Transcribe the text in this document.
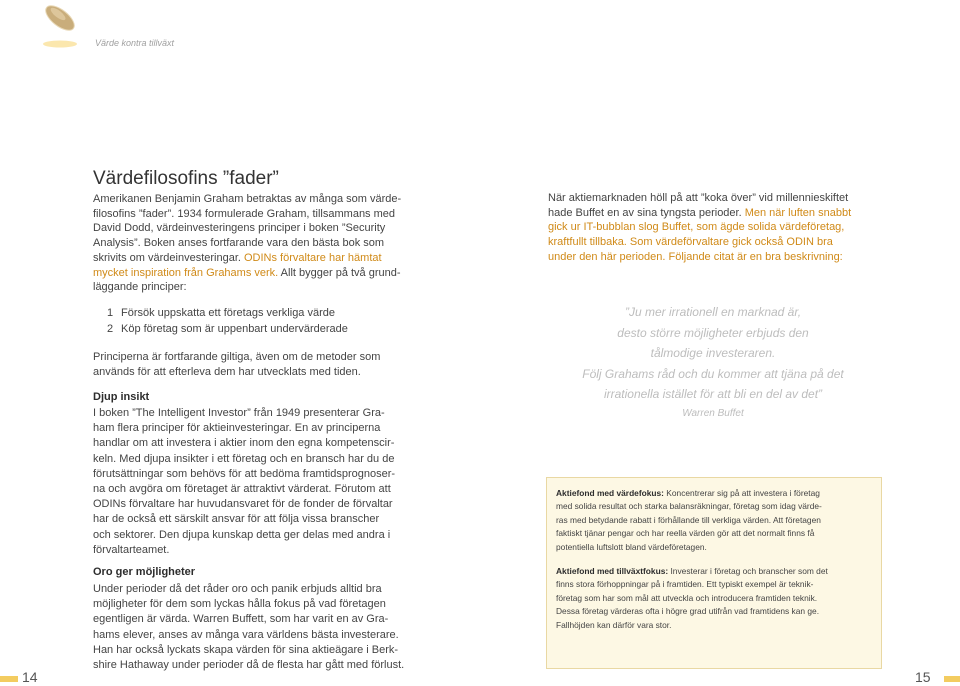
Värde kontra tillväxt
Värdefilosofins ”fader”
Amerikanen Benjamin Graham betraktas av många som värde-
filosofins ”fader”. 1934 formulerade Graham, tillsammans med
David Dodd, värdeinvesteringens principer i boken ”Security
Analysis”. Boken anses fortfarande vara den bästa bok som
skrivits om värdeinvesteringar. ODINs förvaltare har hämtat
mycket inspiration från Grahams verk. Allt bygger på två grund-
läggande principer:
1 Försök uppskatta ett företags verkliga värde
2 Köp företag som är uppenbart undervärderade
Principerna är fortfarande giltiga, även om de metoder som
används för att efterleva dem har utvecklats med tiden.
Djup insikt
I boken ”The Intelligent Investor” från 1949 presenterar Gra-
ham flera principer för aktieinvesteringar. En av principerna
handlar om att investera i aktier inom den egna kompetenscir-
keln. Med djupa insikter i ett företag och en bransch har du de
förutsättningar som behövs för att bedöma framtidsprognoser-
na och avgöra om företaget är attraktivt värderat. Förutom att
ODINs förvaltare har huvudansvaret för de fonder de förvaltar
har de också ett särskilt ansvar för att följa vissa branscher
och sektorer. Den djupa kunskap detta ger delas med andra i
förvaltarteamet.
Oro ger möjligheter
Under perioder då det råder oro och panik erbjuds alltid bra
möjligheter för dem som lyckas hålla fokus på vad företagen
egentligen är värda. Warren Buffett, som har varit en av Gra-
hams elever, anses av många vara världens bästa investerare.
Han har också lyckats skapa värden för sina aktieägare i Berk-
shire Hathaway under perioder då de flesta har gått med förlust.
När aktiemarknaden höll på att ”koka över” vid millennieskiftet
hade Buffet en av sina tyngsta perioder. Men när luften snabbt
gick ur IT-bubblan slog Buffet, som ägde solida värdeföretag,
kraftfullt tillbaka. Som värdeförvaltare gick också ODIN bra
under den här perioden. Följande citat är en bra beskrivning:
”Ju mer irrationell en marknad är,
desto större möjligheter erbjuds den
tålmodige investeraren.
Följ Grahams råd och du kommer att tjäna på det
irrationella istället för att bli en del av det”
Warren Buffet
Aktiefond med värdefokus: Koncentrerar sig på att investera i företag
med solida resultat och starka balansräkningar, företag som idag värde-
ras med betydande rabatt i förhållande till verkliga värden. Att företagen
faktiskt tjänar pengar och har reella värden gör att det normalt finns få
potentiella luftslott bland värdeföretagen.
Aktiefond med tillväxtfokus: Investerar i företag och branscher som det
finns stora förhoppningar på i framtiden. Ett typiskt exempel är teknik-
företag som har som mål att utveckla och introducera framtiden teknik.
Dessa företag värderas ofta i högre grad utifrån vad framtidens kan ge.
Fallhöjden kan därför vara stor.
14	15
